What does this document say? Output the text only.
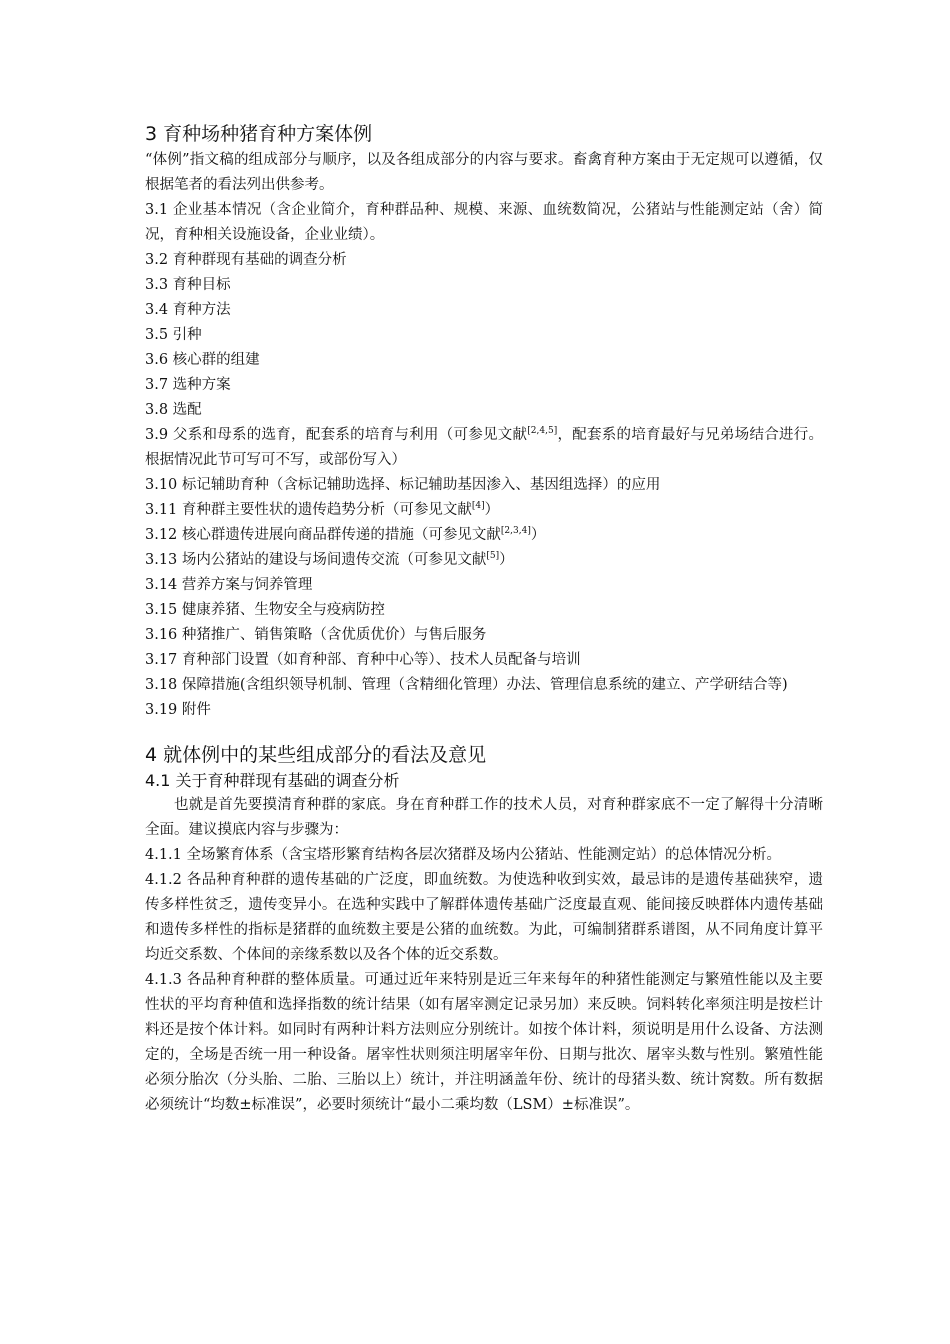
3 育种场种猪育种方案体例

“体例”指文稿的组成部分与顺序，以及各组成部分的内容与要求。畜禽育种方案由于无定规可以遵循，仅根据笔者的看法列出供参考。

3.1 企业基本情况（含企业简介，育种群品种、规模、来源、血统数简况，公猪站与性能测定站（舍）简况，育种相关设施设备，企业业绩）。

3.2 育种群现有基础的调查分析

3.3 育种目标

3.4 育种方法

3.5 引种

3.6 核心群的组建

3.7 选种方案

3.8 选配

3.9 父系和母系的选育，配套系的培育与利用（可参见文献[2,4,5]，配套系的培育最好与兄弟场结合进行。根据情况此节可写可不写，或部份写入）

3.10 标记辅助育种（含标记辅助选择、标记辅助基因渗入、基因组选择）的应用

3.11 育种群主要性状的遗传趋势分析（可参见文献[4]）

3.12 核心群遗传进展向商品群传递的措施（可参见文献[2,3,4]）

3.13 场内公猪站的建设与场间遗传交流（可参见文献[5]）

3.14 营养方案与饲养管理

3.15 健康养猪、生物安全与疫病防控

3.16 种猪推广、销售策略（含优质优价）与售后服务

3.17 育种部门设置（如育种部、育种中心等）、技术人员配备与培训

3.18 保障措施(含组织领导机制、管理（含精细化管理）办法、管理信息系统的建立、产学研结合等)

3.19 附件

4 就体例中的某些组成部分的看法及意见
4.1 关于育种群现有基础的调查分析

也就是首先要摸清育种群的家底。身在育种群工作的技术人员，对育种群家底不一定了解得十分清晰全面。建议摸底内容与步骤为：

4.1.1 全场繁育体系（含宝塔形繁育结构各层次猪群及场内公猪站、性能测定站）的总体情况分析。

4.1.2 各品种育种群的遗传基础的广泛度，即血统数。为使选种收到实效，最忌讳的是遗传基础狭窄，遗传多样性贫乏，遗传变异小。在选种实践中了解群体遗传基础广泛度最直观、能间接反映群体内遗传基础和遗传多样性的指标是猪群的血统数主要是公猪的血统数。为此，可编制猪群系谱图，从不同角度计算平均近交系数、个体间的亲缘系数以及各个体的近交系数。

4.1.3 各品种育种群的整体质量。可通过近年来特别是近三年来每年的种猪性能测定与繁殖性能以及主要性状的平均育种值和选择指数的统计结果（如有屠宰测定记录另加）来反映。饲料转化率须注明是按栏计料还是按个体计料。如同时有两种计料方法则应分别统计。如按个体计料，须说明是用什么设备、方法测定的，全场是否统一用一种设备。屠宰性状则须注明屠宰年份、日期与批次、屠宰头数与性别。繁殖性能必须分胎次（分头胎、二胎、三胎以上）统计，并注明涵盖年份、统计的母猪头数、统计窝数。所有数据必须统计“均数±标准误”，必要时须统计“最小二乘均数（LSM）±标准误”。
